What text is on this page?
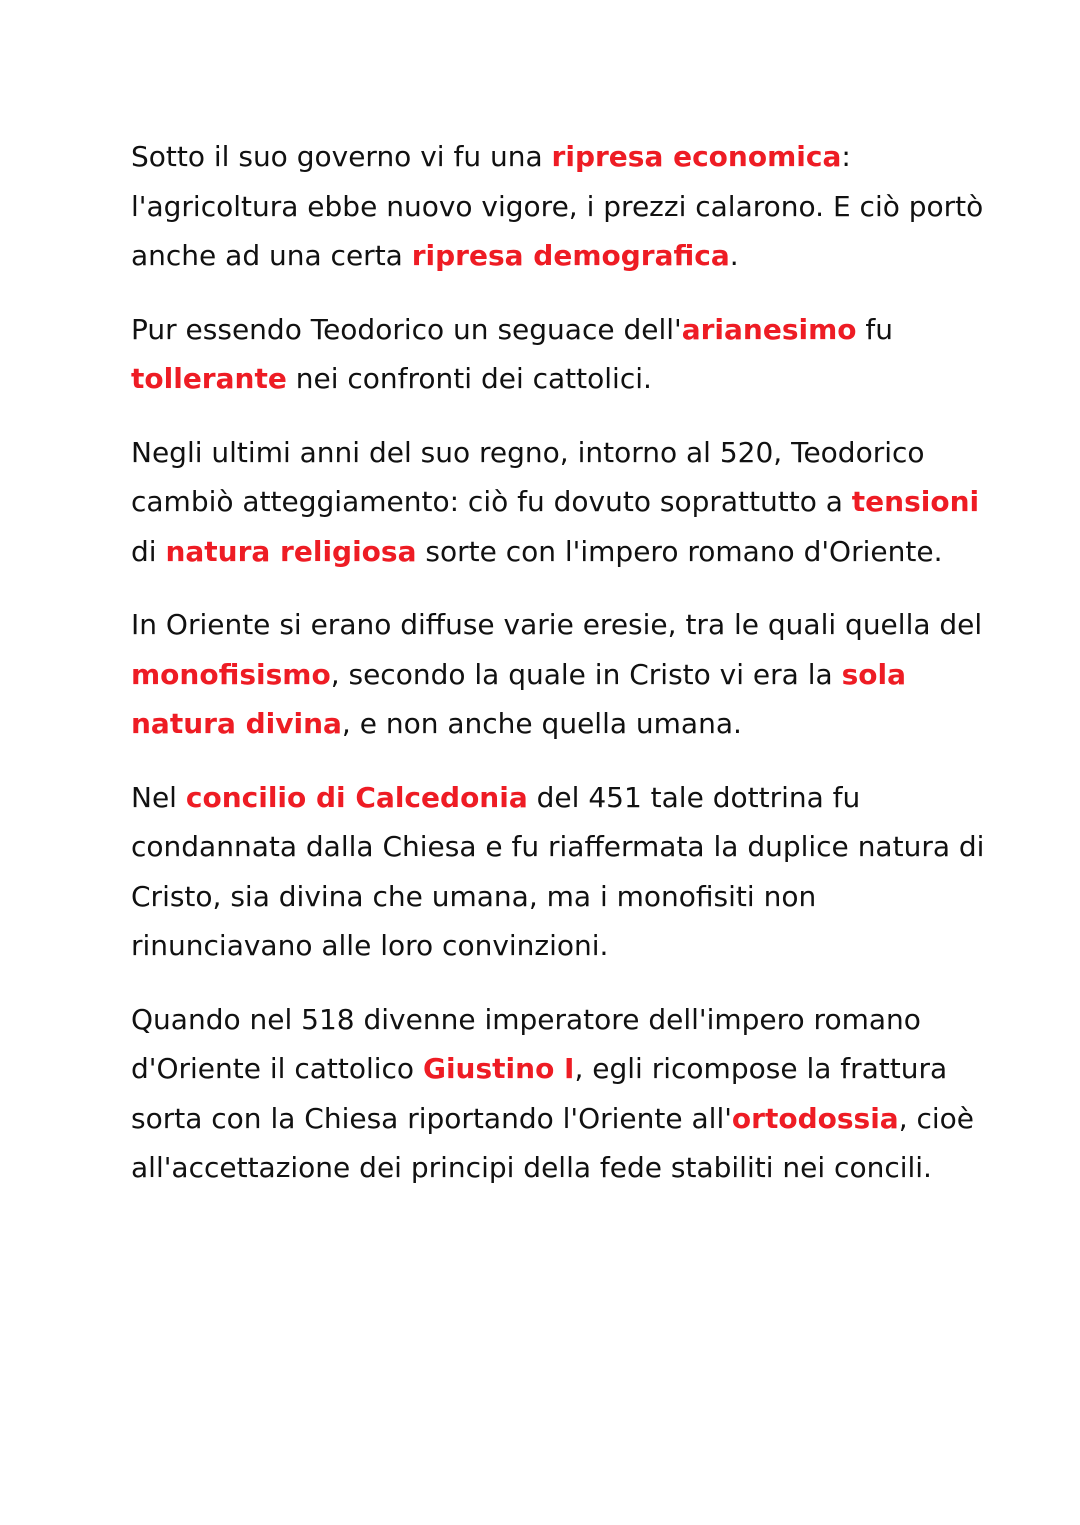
Sotto il suo governo vi fu una ripresa economica: l'agricoltura ebbe nuovo vigore, i prezzi calarono. E ciò portò anche ad una certa ripresa demografica.

Pur essendo Teodorico un seguace dell'arianesimo fu tollerante nei confronti dei cattolici.

Negli ultimi anni del suo regno, intorno al 520, Teodorico cambiò atteggiamento: ciò fu dovuto soprattutto a tensioni di natura religiosa sorte con l'impero romano d'Oriente.

In Oriente si erano diffuse varie eresie, tra le quali quella del monofisismo, secondo la quale in Cristo vi era la sola natura divina, e non anche quella umana.

Nel concilio di Calcedonia del 451 tale dottrina fu condannata dalla Chiesa e fu riaffermata la duplice natura di Cristo, sia divina che umana, ma i monofisiti non rinunciavano alle loro convinzioni.

Quando nel 518 divenne imperatore dell'impero romano d'Oriente il cattolico Giustino I, egli ricompose la frattura sorta con la Chiesa riportando l'Oriente all'ortodossia, cioè all'accettazione dei principi della fede stabiliti nei concili.
